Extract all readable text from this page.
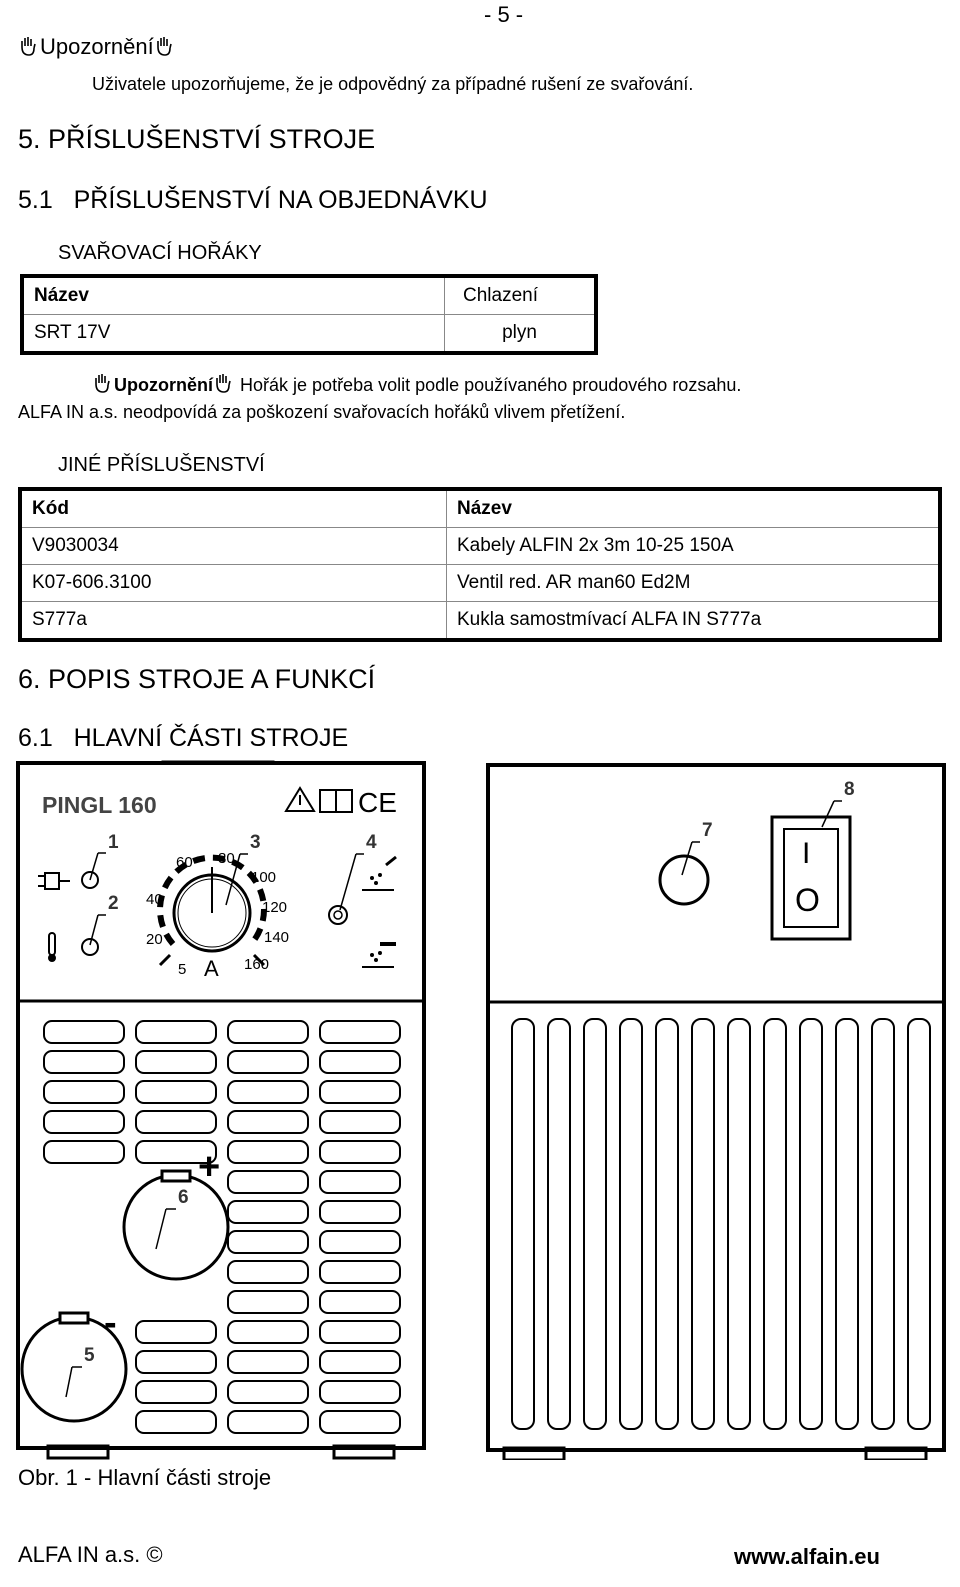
- 5 -
Upozornění
Uživatele upozorňujeme, že je odpovědný za případné rušení ze svařování.
5. PŘÍSLUŠENSTVÍ STROJE
5.1   PŘÍSLUŠENSTVÍ NA OBJEDNÁVKU
SVAŘOVACÍ HOŘÁKY
Název	Chlazení
SRT 17V	plyn
Upozornění Hořák je potřeba volit podle používaného proudového rozsahu.
ALFA IN a.s. neodpovídá za poškození svařovacích hořáků vlivem přetížení.
JINÉ PŘÍSLUŠENSTVÍ
Kód	Název
V9030034	Kabely ALFIN 2x 3m 10-25 150A
K07-606.3100	Ventil red. AR man60 Ed2M
S777a	Kukla samostmívací ALFA IN S777a
6. POPIS STROJE A FUNKCÍ
6.1   HLAVNÍ ČÁSTI STROJE
PINGL 160	CE
1
2
5
20
40
60 80
100
120
140
160
A
3	4
+
6
-
5
7
8
I
O
Obr. 1 - Hlavní části stroje
ALFA IN a.s. ©	www.alfain.eu
